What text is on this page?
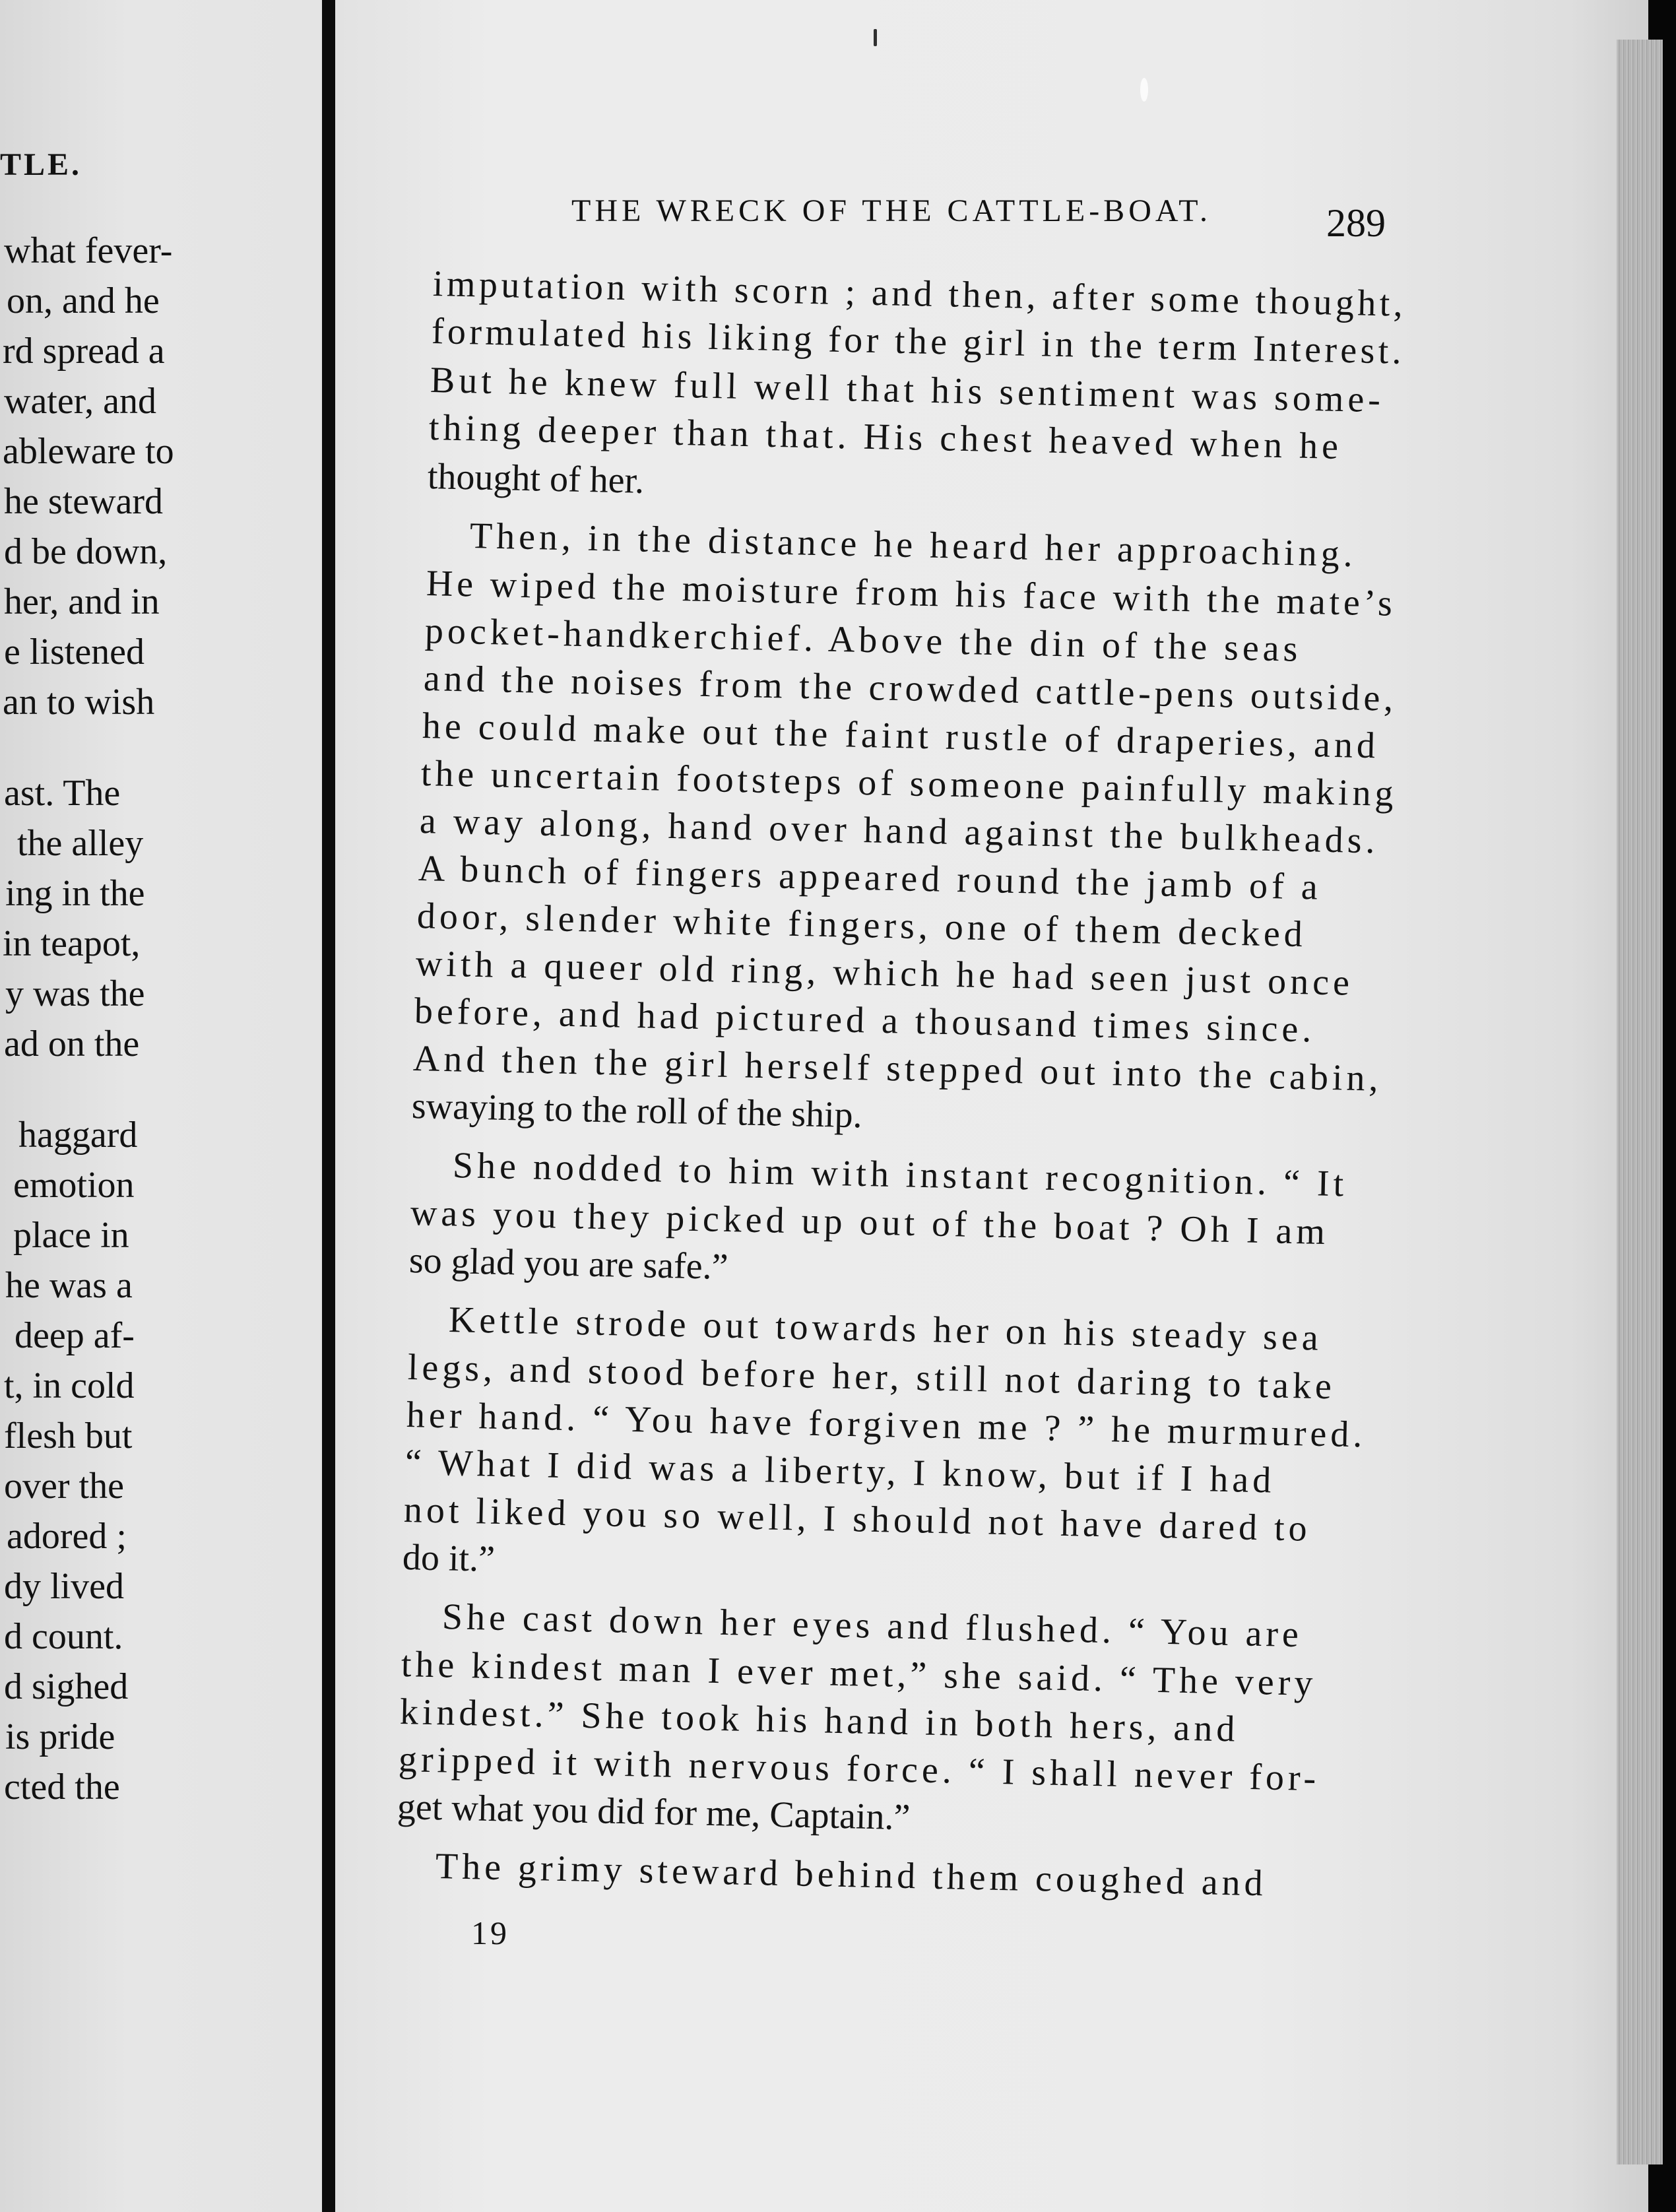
TLE.
what fever-
on, and he
rd spread a
water, and
ableware to
he steward
d be down,
her, and in
e listened
an to wish
ast. The
the alley
ing in the
in teapot,
y was the
ad on the
haggard
emotion
place in
he was a
deep af-
t, in cold
flesh but
over the
adored ;
dy lived
d count.
d sighed
is pride
cted the
THE WRECK OF THE CATTLE-BOAT.	289
imputation with scorn ; and then, after some thought,
formulated his liking for the girl in the term Interest.
But he knew full well that his sentiment was some-
thing deeper than that. His chest heaved when he
thought of her.
Then, in the distance he heard her approaching.
He wiped the moisture from his face with the mate’s
pocket-handkerchief. Above the din of the seas
and the noises from the crowded cattle-pens outside,
he could make out the faint rustle of draperies, and
the uncertain footsteps of someone painfully making
a way along, hand over hand against the bulkheads.
A bunch of fingers appeared round the jamb of a
door, slender white fingers, one of them decked
with a queer old ring, which he had seen just once
before, and had pictured a thousand times since.
And then the girl herself stepped out into the cabin,
swaying to the roll of the ship.
She nodded to him with instant recognition. “ It
was you they picked up out of the boat ? Oh I am
so glad you are safe.”
Kettle strode out towards her on his steady sea
legs, and stood before her, still not daring to take
her hand. “ You have forgiven me ? ” he murmured.
“ What I did was a liberty, I know, but if I had
not liked you so well, I should not have dared to
do it.”
She cast down her eyes and flushed. “ You are
the kindest man I ever met,” she said. “ The very
kindest.” She took his hand in both hers, and
gripped it with nervous force. “ I shall never for-
get what you did for me, Captain.”
The grimy steward behind them coughed and
19
